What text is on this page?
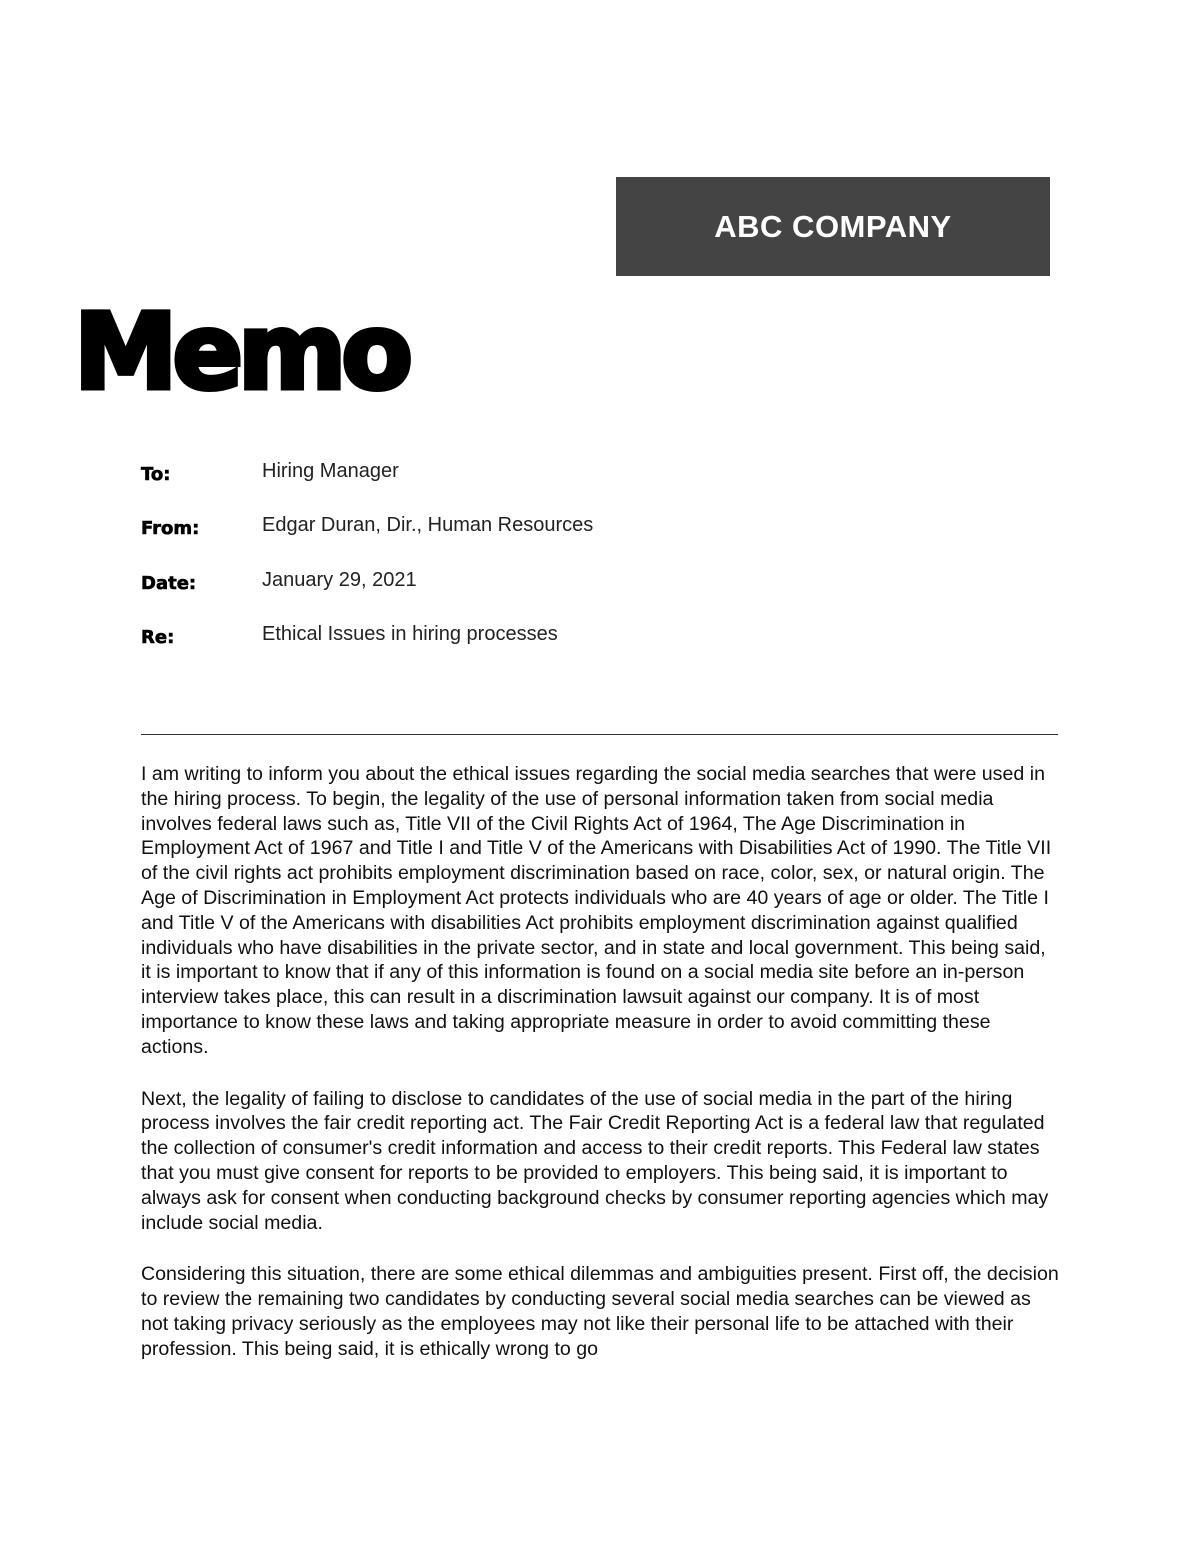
ABC COMPANY
Memo
To:	Hiring Manager
From:	Edgar Duran, Dir., Human Resources
Date:	January 29, 2021
Re:	Ethical Issues in hiring processes

I am writing to inform you about the ethical issues regarding the social media searches that were used in the hiring process. To begin, the legality of the use of personal information taken from social media involves federal laws such as, Title VII of the Civil Rights Act of 1964, The Age Discrimination in Employment Act of 1967 and Title I and Title V of the Americans with Disabilities Act of 1990. The Title VII of the civil rights act prohibits employment discrimination based on race, color, sex, or natural origin. The Age of Discrimination in Employment Act protects individuals who are 40 years of age or older. The Title I and Title V of the Americans with disabilities Act prohibits employment discrimination against qualified individuals who have disabilities in the private sector, and in state and local government. This being said, it is important to know that if any of this information is found on a social media site before an in-person interview takes place, this can result in a discrimination lawsuit against our company. It is of most importance to know these laws and taking appropriate measure in order to avoid committing these actions.

Next, the legality of failing to disclose to candidates of the use of social media in the part of the hiring process involves the fair credit reporting act. The Fair Credit Reporting Act is a federal law that regulated the collection of consumer's credit information and access to their credit reports. This Federal law states that you must give consent for reports to be provided to employers. This being said, it is important to always ask for consent when conducting background checks by consumer reporting agencies which may include social media.

Considering this situation, there are some ethical dilemmas and ambiguities present. First off, the decision to review the remaining two candidates by conducting several social media searches can be viewed as not taking privacy seriously as the employees may not like their personal life to be attached with their profession. This being said, it is ethically wrong to go
